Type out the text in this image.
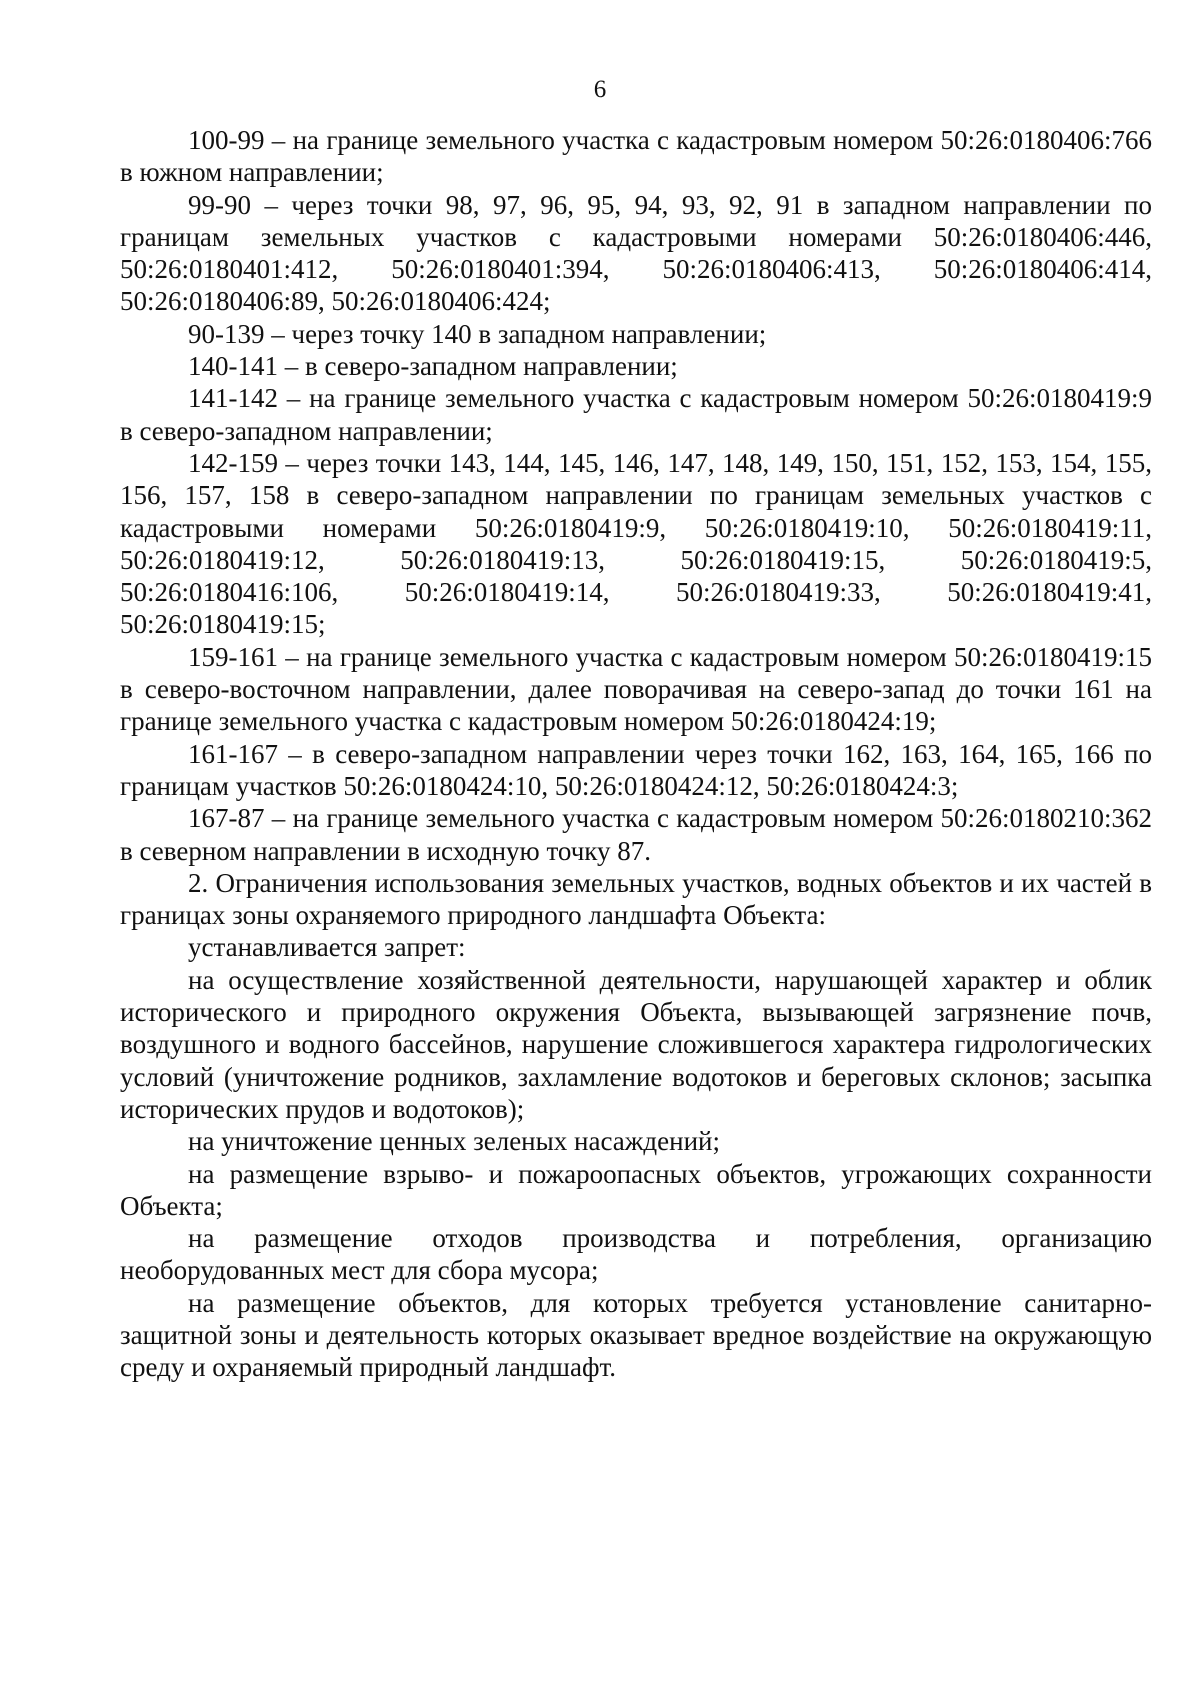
6

100-99 – на границе земельного участка с кадастровым номером 50:26:0180406:766 в южном направлении;

99-90 – через точки 98, 97, 96, 95, 94, 93, 92, 91 в западном направлении по границам земельных участков с кадастровыми номерами 50:26:0180406:446, 50:26:0180401:412, 50:26:0180401:394, 50:26:0180406:413, 50:26:0180406:414, 50:26:0180406:89, 50:26:0180406:424;

90-139 – через точку 140 в западном направлении;

140-141 – в северо-западном направлении;

141-142 – на границе земельного участка с кадастровым номером 50:26:0180419:9 в северо-западном направлении;

142-159 – через точки 143, 144, 145, 146, 147, 148, 149, 150, 151, 152, 153, 154, 155, 156, 157, 158 в северо-западном направлении по границам земельных участков с кадастровыми номерами 50:26:0180419:9, 50:26:0180419:10, 50:26:0180419:11, 50:26:0180419:12, 50:26:0180419:13, 50:26:0180419:15, 50:26:0180419:5, 50:26:0180416:106, 50:26:0180419:14, 50:26:0180419:33, 50:26:0180419:41, 50:26:0180419:15;

159-161 – на границе земельного участка с кадастровым номером 50:26:0180419:15 в северо-восточном направлении, далее поворачивая на северо-запад до точки 161 на границе земельного участка с кадастровым номером 50:26:0180424:19;

161-167 – в северо-западном направлении через точки 162, 163, 164, 165, 166 по границам участков 50:26:0180424:10, 50:26:0180424:12, 50:26:0180424:3;

167-87 – на границе земельного участка с кадастровым номером 50:26:0180210:362 в северном направлении в исходную точку 87.

2. Ограничения использования земельных участков, водных объектов и их частей в границах зоны охраняемого природного ландшафта Объекта:

устанавливается запрет:

на осуществление хозяйственной деятельности, нарушающей характер и облик исторического и природного окружения Объекта, вызывающей загрязнение почв, воздушного и водного бассейнов, нарушение сложившегося характера гидрологических условий (уничтожение родников, захламление водотоков и береговых склонов; засыпка исторических прудов и водотоков);

на уничтожение ценных зеленых насаждений;

на размещение взрыво- и пожароопасных объектов, угрожающих сохранности Объекта;

на размещение отходов производства и потребления, организацию необорудованных мест для сбора мусора;

на размещение объектов, для которых требуется установление санитарно-защитной зоны и деятельность которых оказывает вредное воздействие на окружающую среду и охраняемый природный ландшафт.
